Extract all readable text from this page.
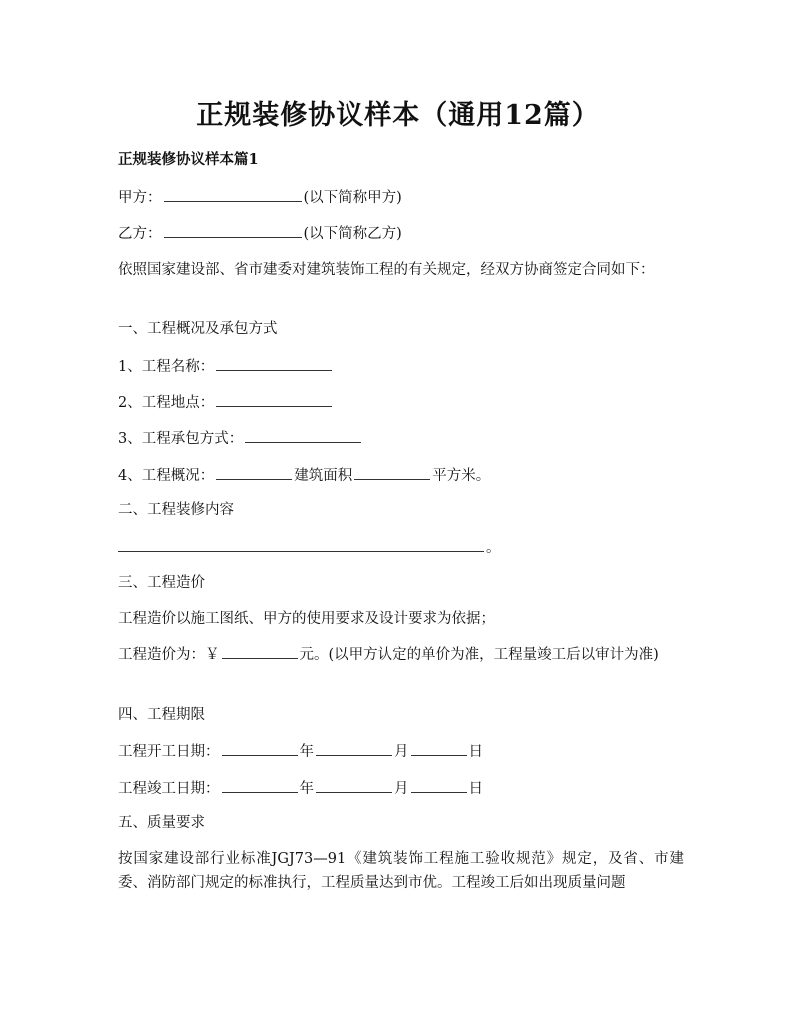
正规装修协议样本（通用12篇）
正规装修协议样本篇1
甲方：	(以下简称甲方)
乙方：	(以下简称乙方)
依照国家建设部、省市建委对建筑装饰工程的有关规定，经双方协商签定合同如下：
一、工程概况及承包方式
1、工程名称：
2、工程地点：
3、工程承包方式：
4、工程概况：	建筑面积	平方米。
二、工程装修内容
。
三、工程造价
工程造价以施工图纸、甲方的使用要求及设计要求为依据；
工程造价为：￥	元。(以甲方认定的单价为准，工程量竣工后以审计为准)
四、工程期限
工程开工日期：	年	月	日
工程竣工日期：	年	月	日
五、质量要求
按国家建设部行业标准JGJ73—91《建筑装饰工程施工验收规范》规定，及省、市建委、消防部门规定的标准执行，工程质量达到市优。工程竣工后如出现质量问题
